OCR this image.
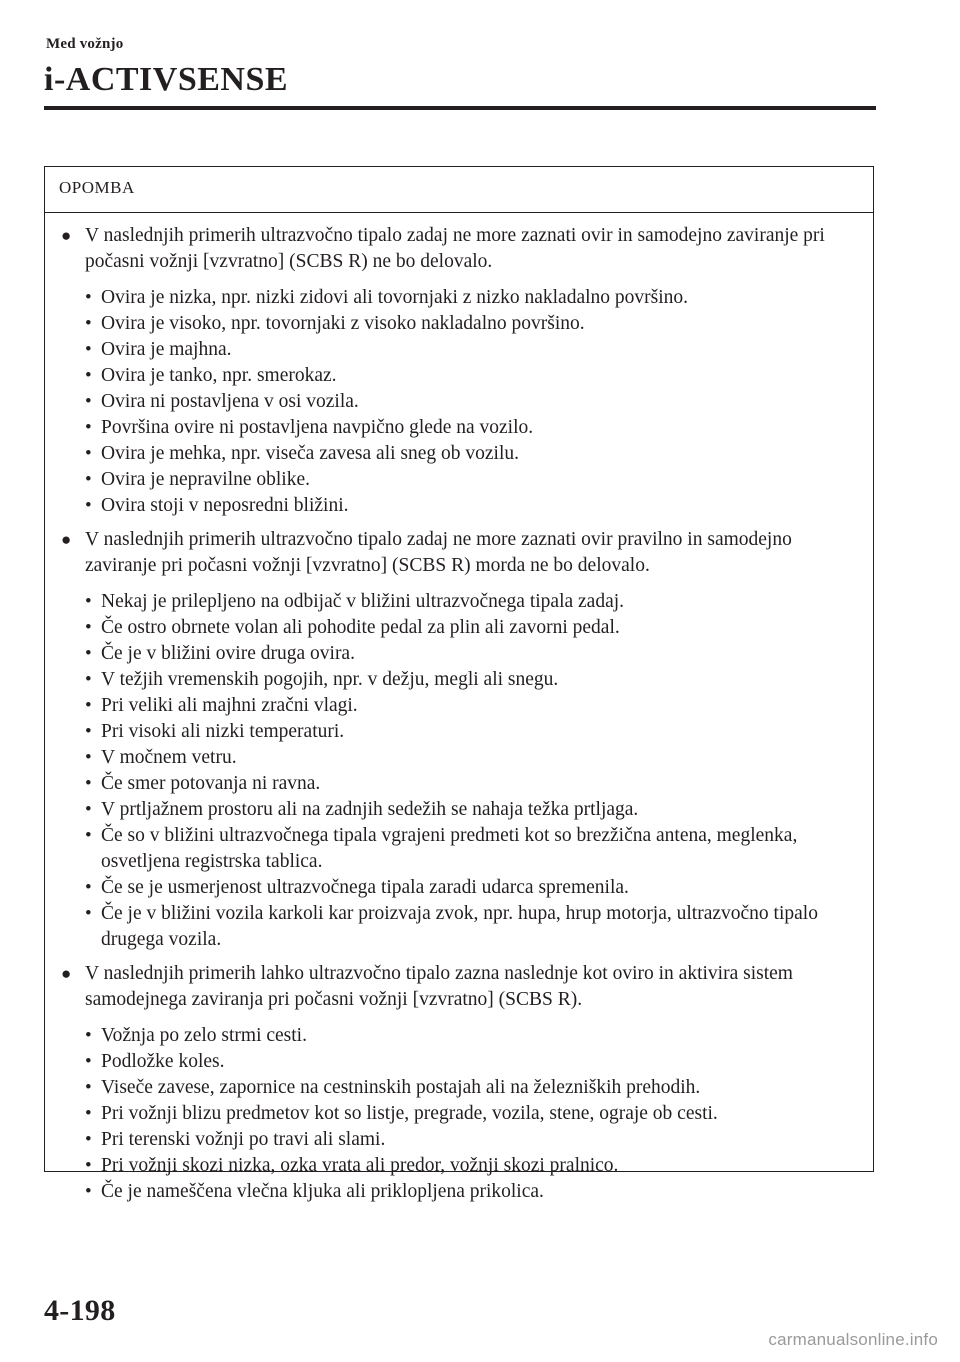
Med vožnjo
i-ACTIVSENSE
OPOMBA
● V naslednjih primerih ultrazvočno tipalo zadaj ne more zaznati ovir in samodejno zaviranje pri počasni vožnji [vzvratno] (SCBS R) ne bo delovalo.
• Ovira je nizka, npr. nizki zidovi ali tovornjaki z nizko nakladalno površino.
• Ovira je visoko, npr. tovornjaki z visoko nakladalno površino.
• Ovira je majhna.
• Ovira je tanko, npr. smerokaz.
• Ovira ni postavljena v osi vozila.
• Površina ovire ni postavljena navpično glede na vozilo.
• Ovira je mehka, npr. viseča zavesa ali sneg ob vozilu.
• Ovira je nepravilne oblike.
• Ovira stoji v neposredni bližini.
● V naslednjih primerih ultrazvočno tipalo zadaj ne more zaznati ovir pravilno in samodejno zaviranje pri počasni vožnji [vzvratno] (SCBS R) morda ne bo delovalo.
• Nekaj je prilepljeno na odbijač v bližini ultrazvočnega tipala zadaj.
• Če ostro obrnete volan ali pohodite pedal za plin ali zavorni pedal.
• Če je v bližini ovire druga ovira.
• V težjih vremenskih pogojih, npr. v dežju, megli ali snegu.
• Pri veliki ali majhni zračni vlagi.
• Pri visoki ali nizki temperaturi.
• V močnem vetru.
• Če smer potovanja ni ravna.
• V prtljažnem prostoru ali na zadnjih sedežih se nahaja težka prtljaga.
• Če so v bližini ultrazvočnega tipala vgrajeni predmeti kot so brezžična antena, meglenka, osvetljena registrska tablica.
• Če se je usmerjenost ultrazvočnega tipala zaradi udarca spremenila.
• Če je v bližini vozila karkoli kar proizvaja zvok, npr. hupa, hrup motorja, ultrazvočno tipalo drugega vozila.
● V naslednjih primerih lahko ultrazvočno tipalo zazna naslednje kot oviro in aktivira sistem samodejnega zaviranja pri počasni vožnji [vzvratno] (SCBS R).
• Vožnja po zelo strmi cesti.
• Podložke koles.
• Viseče zavese, zapornice na cestninskih postajah ali na železniških prehodih.
• Pri vožnji blizu predmetov kot so listje, pregrade, vozila, stene, ograje ob cesti.
• Pri terenski vožnji po travi ali slami.
• Pri vožnji skozi nizka, ozka vrata ali predor, vožnji skozi pralnico.
• Če je nameščena vlečna kljuka ali priklopljena prikolica.
4-198
carmanualsonline.info
